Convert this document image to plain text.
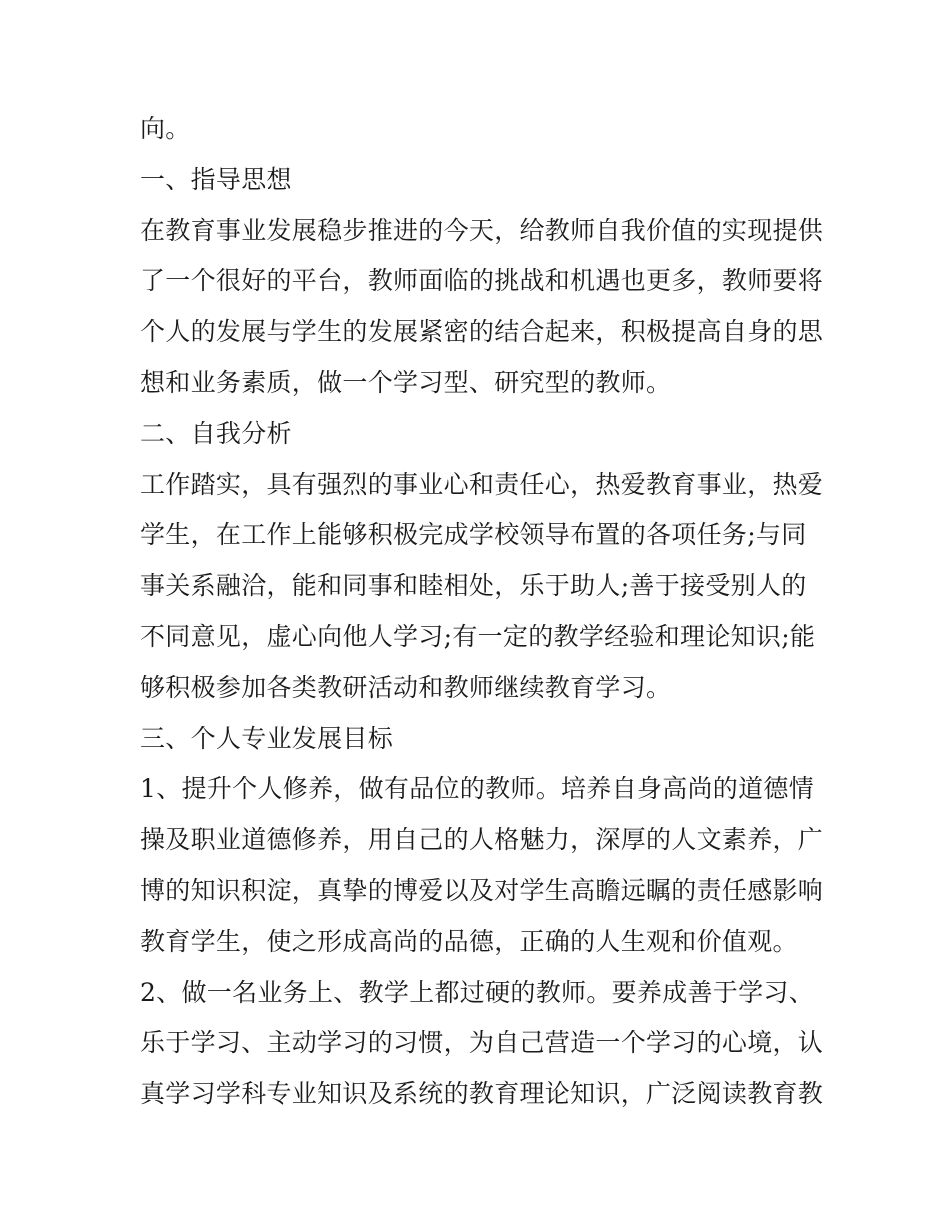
向。
一、指导思想
在教育事业发展稳步推进的今天，给教师自我价值的实现提供
了一个很好的平台，教师面临的挑战和机遇也更多，教师要将
个人的发展与学生的发展紧密的结合起来，积极提高自身的思
想和业务素质，做一个学习型、研究型的教师。
二、自我分析
工作踏实，具有强烈的事业心和责任心，热爱教育事业，热爱
学生，在工作上能够积极完成学校领导布置的各项任务;与同
事关系融洽，能和同事和睦相处，乐于助人;善于接受别人的
不同意见，虚心向他人学习;有一定的教学经验和理论知识;能
够积极参加各类教研活动和教师继续教育学习。
三、个人专业发展目标
1、提升个人修养，做有品位的教师。培养自身高尚的道德情
操及职业道德修养，用自己的人格魅力，深厚的人文素养，广
博的知识积淀，真挚的博爱以及对学生高瞻远瞩的责任感影响
教育学生，使之形成高尚的品德，正确的人生观和价值观。
2、做一名业务上、教学上都过硬的教师。要养成善于学习、
乐于学习、主动学习的习惯，为自己营造一个学习的心境，认
真学习学科专业知识及系统的教育理论知识，广泛阅读教育教
